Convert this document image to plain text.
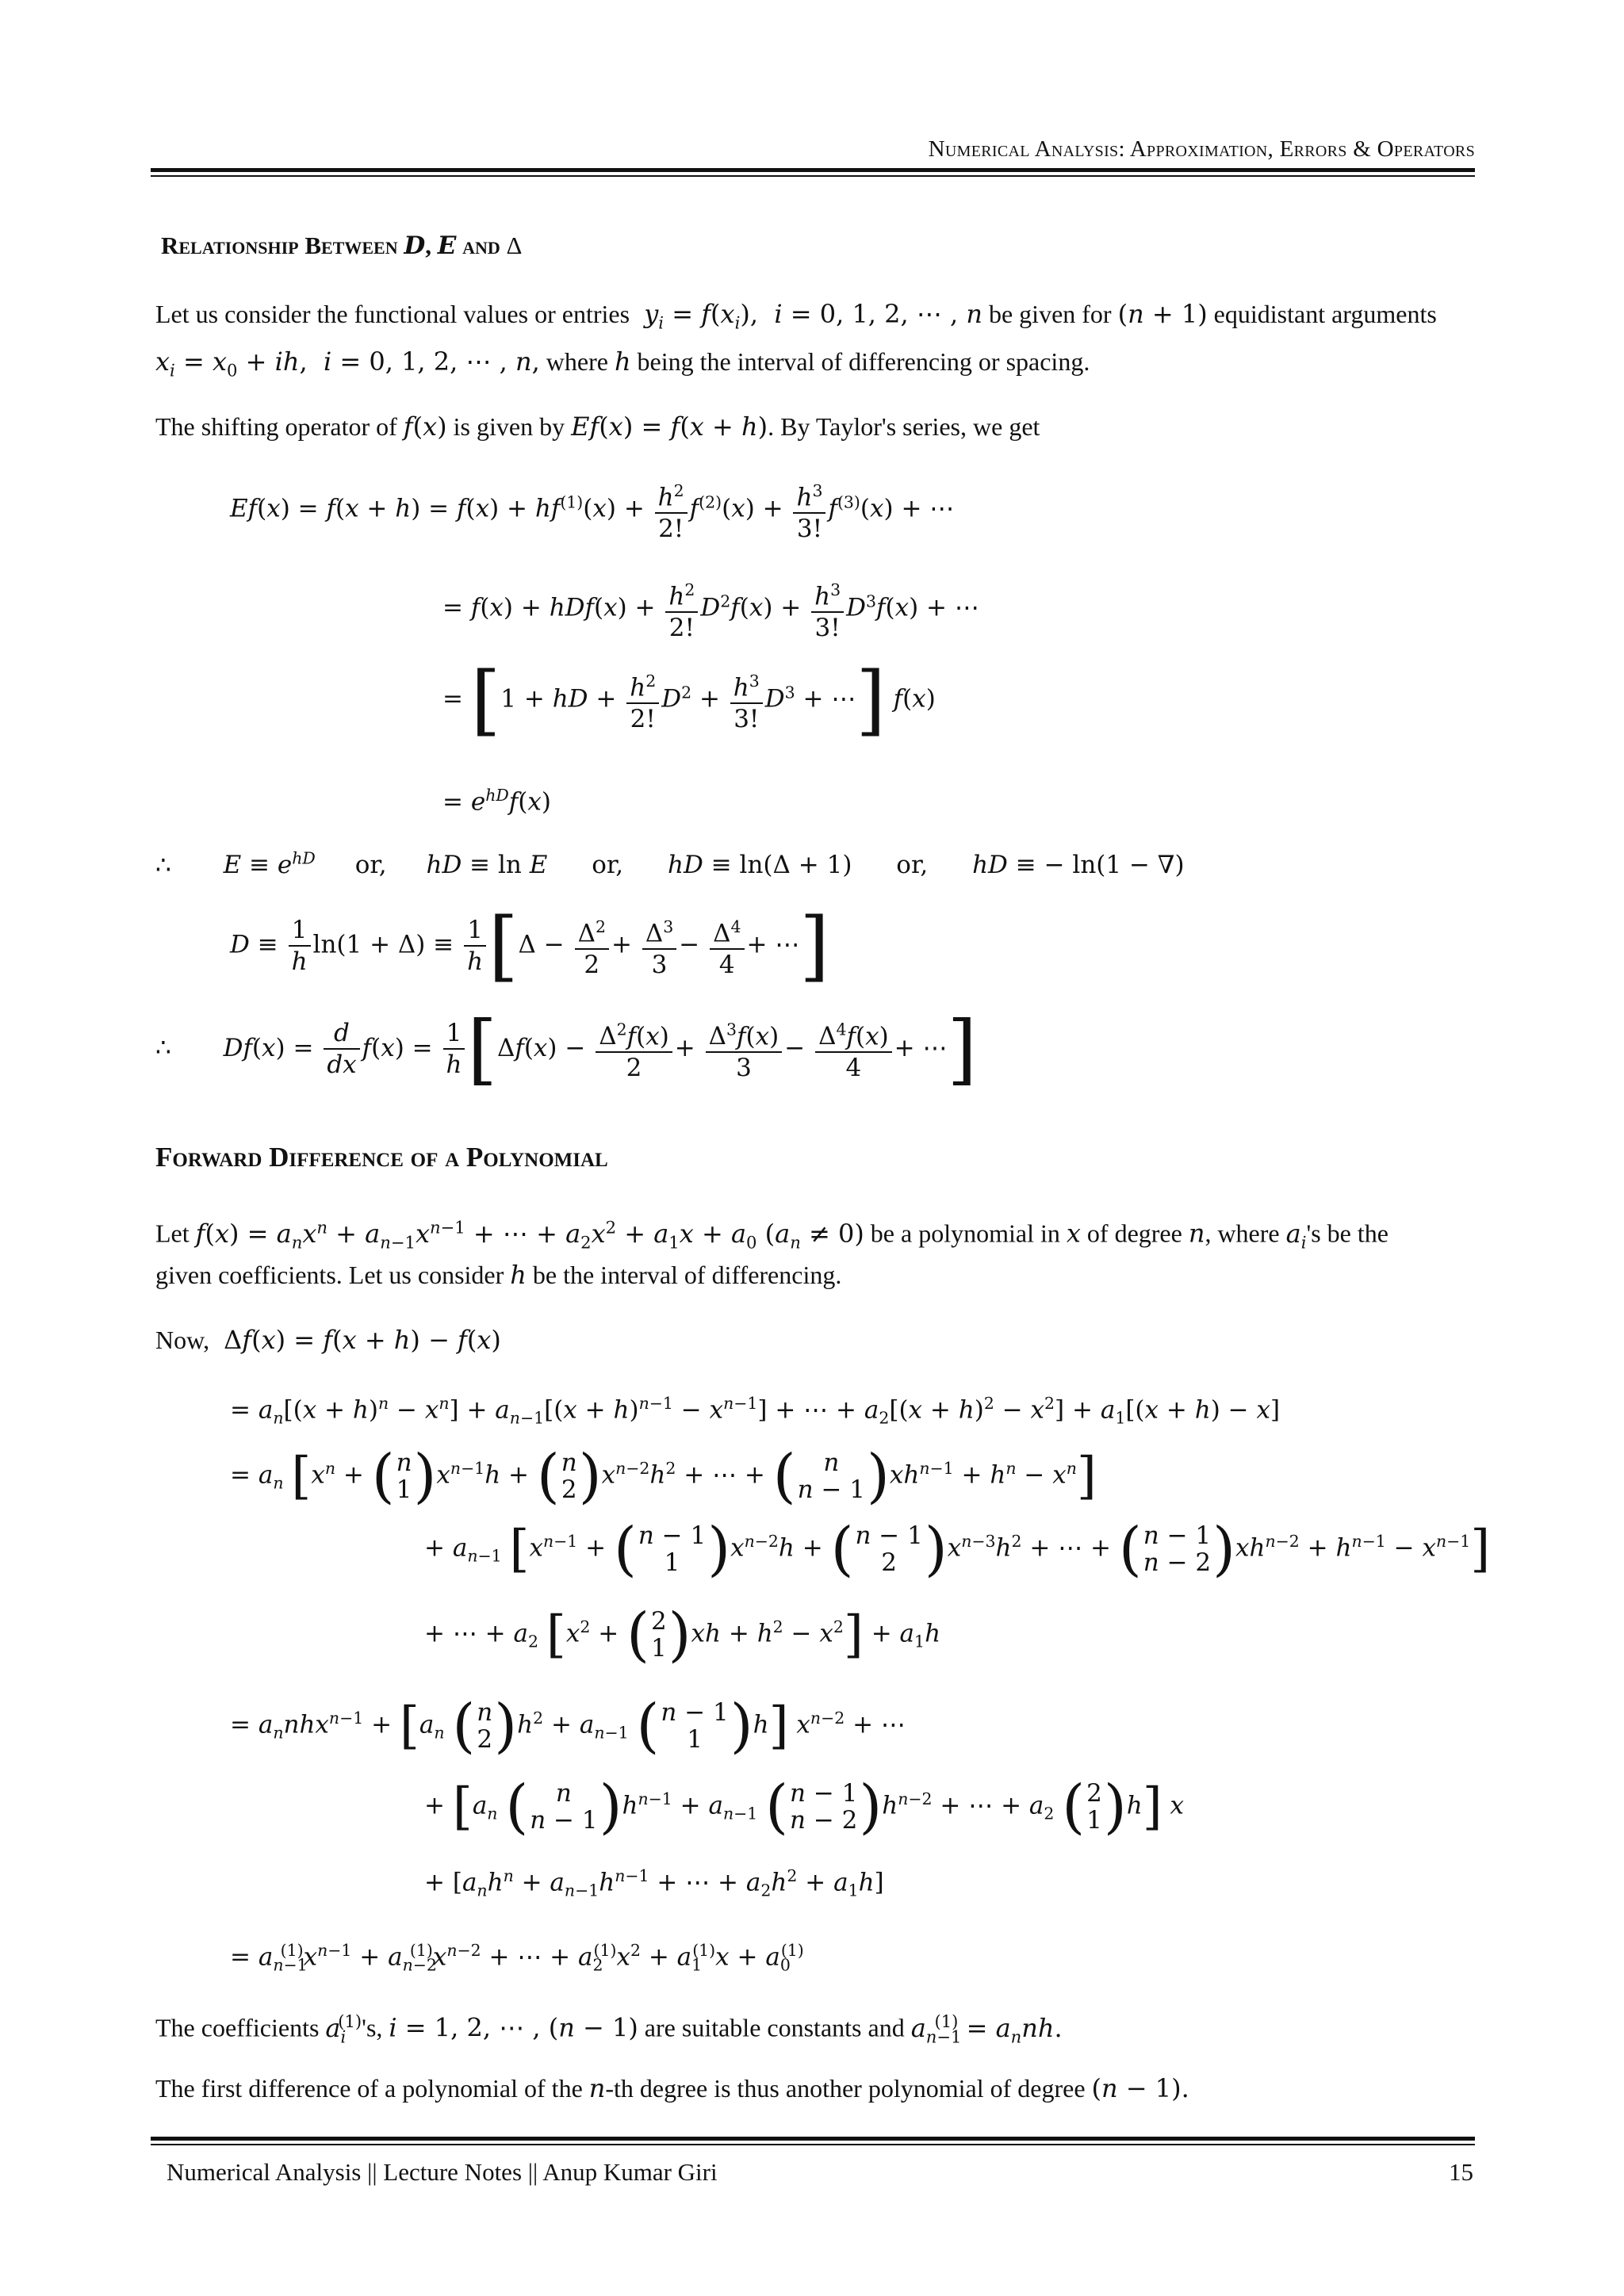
Numerical Analysis: Approximation, Errors & Operators
Relationship Between D, E and Δ
Let us consider the functional values or entries  $y_i = f(x_i)$,  i = 0, 1, 2, ⋯ , n be given for (n + 1) equidistant arguments
$x_i = x_0$ + ih,  i = 0, 1, 2, ⋯ , n, where h being the interval of differencing or spacing.
The shifting operator of f(x) is given by Ef(x) = f(x + h). By Taylor's series, we get
$Ef(x) = f(x + h) = f(x) + hf^{(1)}(x) + \frac{h^2}{2!} f^{(2)}(x) + \frac{h^3}{3!} f^{(3)}(x)$ + ⋯
= $f(x) + hDf(x) + \frac{h^2}{2!} D^2f(x) + \frac{h^3}{3!} D^3f(x)$ + ⋯
= [1 + hD + $\frac{h^2}{2!} D^2 + \frac{h^3}{3!} D^3$ + ⋯] f(x)
= $e^{hD}f(x)$
∴ $E \equiv e^{hD}$ or, hD ≡ ln E or, hD ≡ ln(Δ + 1) or, hD ≡ − ln(1 − ∇)
$D \equiv \frac{1}{h} \ln(1 + \Delta) \equiv \frac{1}{h} [\Delta - \frac{\Delta^2}{2} + \frac{\Delta^3}{3} - \frac{\Delta^4}{4}$ + ⋯]
∴ $Df(x) = \frac{d}{dx} f(x) = \frac{1}{h} [\Delta f(x) - \frac{\Delta^2f(x)}{2} + \frac{\Delta^3f(x)}{3} - \frac{\Delta^4f(x)}{4}$ + ⋯]
Forward Difference of a Polynomial
Let $f(x) = a_nx^n + a_{n-1}x^{n-1}$ + ⋯ + $a_2x^2 + a_1x + a_0$ $(a_n \ne 0)$ be a polynomial in x of degree n, where $a_i's$ be the
given coefficients. Let us consider h be the interval of differencing.
Now, Δf(x) = f(x + h) − f(x)
= $a_n[(x + h)^n - x^n] + a_{n-1}[(x + h)^{n-1} - x^{n-1}]$ + ⋯ + $a_2[(x + h)^2 - x^2] + a_1[(x + h) - x]$
= $a_n$ [$x^n$ + ( n
1 )$x^{n-1}h$ + ( n
2 )$x^{n-2}h^2$ + ⋯ + (	n
n − 1 )$xh^{n-1} + h^n - x^n$]
+ $a_{n-1}$ [$x^{n-1}$ + ( n − 1
1 )$x^{n-2}h$ + ( n − 1
2 )$x^{n-3}h^2$ + ⋯ + ( n − 1
n − 2 )$xh^{n-2} + h^{n-1} - x^{n-1}$]
+ ⋯ + $a_2$ [$x^2$ + ( 2
1 )$xh + h^2 - x^2] + a_1h$
= $a_nnhx^{n-1} + [a_n$ ( n
2 )$h^2 + a_{n-1}$ ( n − 1
1 )h] $x^{n-2}$ + ⋯
+ [$a_n$ (	n
n − 1 )$h^{n-1} + a_{n-1}$ ( n − 1
n − 2 )$h^{n-2}$ + ⋯ + $a_2$ ( 2
1 )h] x
+ [$a_nh^n + a_{n-1}h^{n-1}$ + ⋯ + $a_2h^2 + a_1h$]
= $a_{n-1}^{(1)}x^{n-1} + a_{n-2}^{(1)}x^{n-2}$ + ⋯ + $a_2^{(1)}x^2 + a_1^{(1)}x + a_0^{(1)}$
The coefficients $a_i^{(1)}'s$, i = 1, 2, ⋯ , (n − 1) are suitable constants and $a_{n-1}^{(1)} = a_nnh$.
The first difference of a polynomial of the n-th degree is thus another polynomial of degree (n − 1).
Numerical Analysis || Lecture Notes || Anup Kumar Giri	15
